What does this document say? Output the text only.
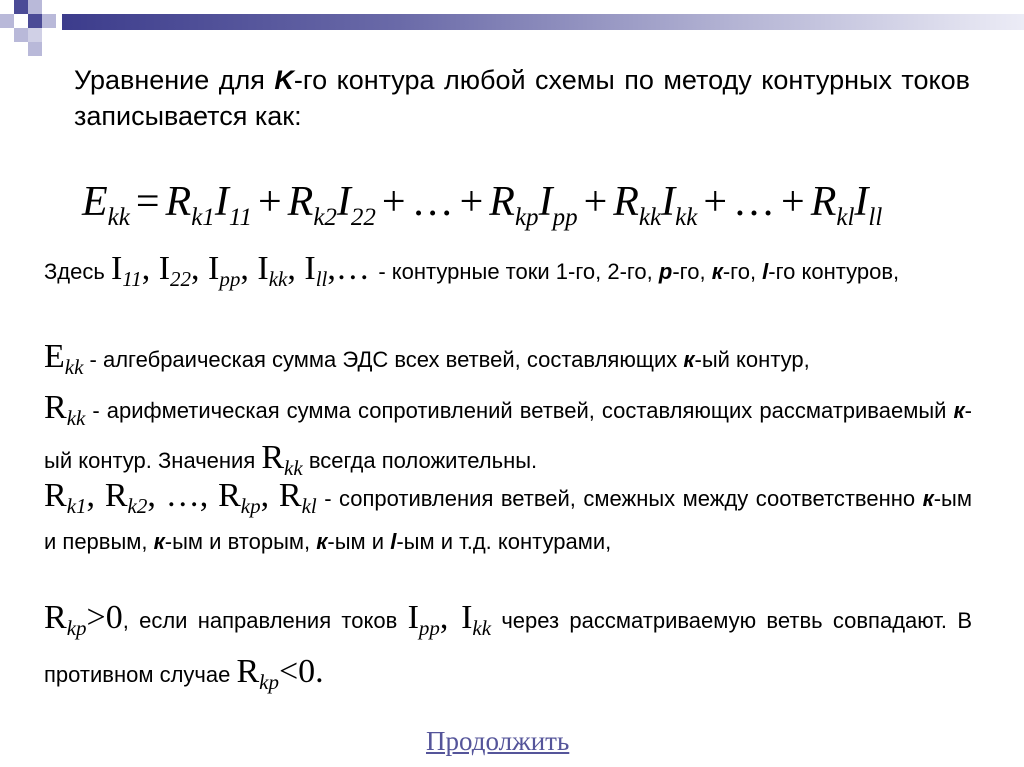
Уравнение для K-го контура любой схемы по методу контурных токов записывается как:
$E_{kk} = R_{k1}I_{11} + R_{k2}I_{22}$ + … + $R_{kp}I_{pp} + R_{kk}I_{kk}$ + … + $R_{kl}I_{ll}$
Здесь $I_{11}$, $I_{22}$, $I_{pp}$, $I_{kk}$, $I_{ll},\dots$ - контурные токи 1-го, 2-го, p-го, к-го, l-го контуров,
$E_{kk}$ - алгебраическая сумма ЭДС всех ветвей, составляющих к-ый контур,
$R_{kk}$ - арифметическая сумма сопротивлений ветвей, составляющих рассматриваемый к-ый контур. Значения $R_{kk}$ всегда положительны.
$R_{k1}$, $R_{k2}$, …, $R_{kp}$, $R_{kl}$ - сопротивления ветвей, смежных между соответственно к-ым и первым, к-ым и вторым, к-ым и l-ым и т.д. контурами,
$R_{kp}>0$, если направления токов $I_{pp}$, $I_{kk}$ через рассматриваемую ветвь совпадают. В противном случае $R_{kp}<0$.
Продолжить
